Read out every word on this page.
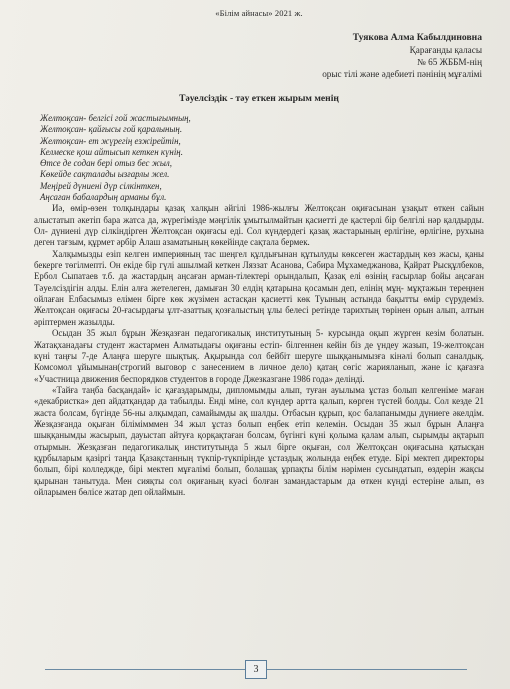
«Білім айнасы» 2021 ж.
Туякова Алма Кабылдиновна
Қарағанды қаласы
№ 65 ЖББМ-нің
орыс тілі және әдебиеті пәнінің мұғалімі
Тәуелсіздік - тәу еткен жырым менің
Желтоқсан- белгісі гой жастығымның,
Желтоқсан- қайғысы гой қаралының.
Желтоқсан- ет жүрегің езжірейтін,
Келмеске қош айтысып кеткен күнің.
Өтсе де содан бері отыз бес жыл,
Көкейде сақталады ызғарлы жел.
Меңірей дүниені дүр сілкінткен,
Аңсаған бабалардың арманы бұл.

Иә, өмір-өзен толқындары қазақ халқын әйгілі 1986-жылғы Желтоқсан оқиғасынан ұзақыт өткен сайын алыстатып әкетіп бара жатса да, жүрегімізде мәңгілік ұмытылмайтын қасиетті де қастерлі бір белгілі нәр қалдырды. Ол- дүниені дүр сілкіндірген Желтоқсан оқиғасы еді. Сол күндердегі қазақ жастарының ерлігіне, өрлігіне, рухына деген тағзым, құрмет әрбір Алаш азаматының көкейінде сақтала бермек.

Халқымызды езіп келген империяның тас шеңгел құлдығынан құтылуды көксеген жастардың көз жасы, қаны бекерге төгілмепті. Он екіде бір гүлі ашылмай кеткен Ляззат Асанова, Сәбира Мұхамеджанова, Қайрат Рысқұлбеков, Ербол Сыпатаев т.б. да жастардың аңсаған арман-тілектері орындалып, Қазақ елі өзінің ғасырлар бойы аңсаған Тәуелсіздігін алды. Елін алға жетелеген, дамыған 30 елдің қатарына қосамын деп, елінің мұң- мұқтажын тереңнен ойлаған Елбасымыз елімен бірге көк жүзімен астасқан қасиетті көк Туының астында бақытты өмір сүрудеміз. Желтоқсан оқиғасы 20-ғасырдағы ұлт-азаттық қозғалыстың ұлы белесі ретінде тарихтың төрінен орын алып, алтын әріптермен жазылды.

Осыдан 35 жыл бұрын Жезқазған педагогикалық институтының 5- курсында оқып жүрген кезім болатын. Жатақханадағы студент жастармен Алматыдағы оқиғаны естіп- білгеннен кейін біз де үндеу жазып, 19-желтоқсан күні таңғы 7-де Алаңға шеруге шықтық. Ақырында сол бейбіт шеруге шыққанымызға кінәлі болып саналдық. Комсомол ұйымынан(строгий выговор с занесением в личное дело) қатаң сөгіс жарияланып, және іс қағазға «Участница движения беспорядков студентов в городе Джезказгане 1986 года» делінді.

«Тайға таңба басқандай» іс қағаздарымды, дипломымды алып, туған ауылыма ұстаз болып келгеніме маған «декабристка» деп айдатқандар да табылды. Енді міне, сол күндер артта қалып, көрген түстей болды. Сол кезде 21 жаста болсам, бүгінде 56-ны алқымдап, самайымды ақ шалды. Отбасын құрып, қос балапанымды дүниеге әкелдім. Жезқазғанда оқыған білімімммен 34 жыл ұстаз болып еңбек етіп келемін. Осыдан 35 жыл бұрын Алаңға шыққанымды жасырып, дауыстап айтуға қорқақтаған болсам, бүгінгі күні қолыма қалам алып, сырымды ақтарып отырмын. Жезқазған педагогикалық институтында 5 жыл бірге оқыған, сол Желтоқсан оқиғасына қатысқан құрбыларым қазіргі таңда Қазақстанның түкпір-түкпірінде ұстаздық жолында еңбек етуде. Бірі мектеп директоры болып, бірі колледжде, бірі мектеп мұғалімі болып, болашақ ұрпақты білім нәрімен сусындатып, өздерін жақсы қырынан танытуда. Мен сияқты сол оқиғаның куәсі болған замандастарым да өткен күнді естеріне алып, өз ойларымен бөлісе жатар деп ойлаймын.

3
